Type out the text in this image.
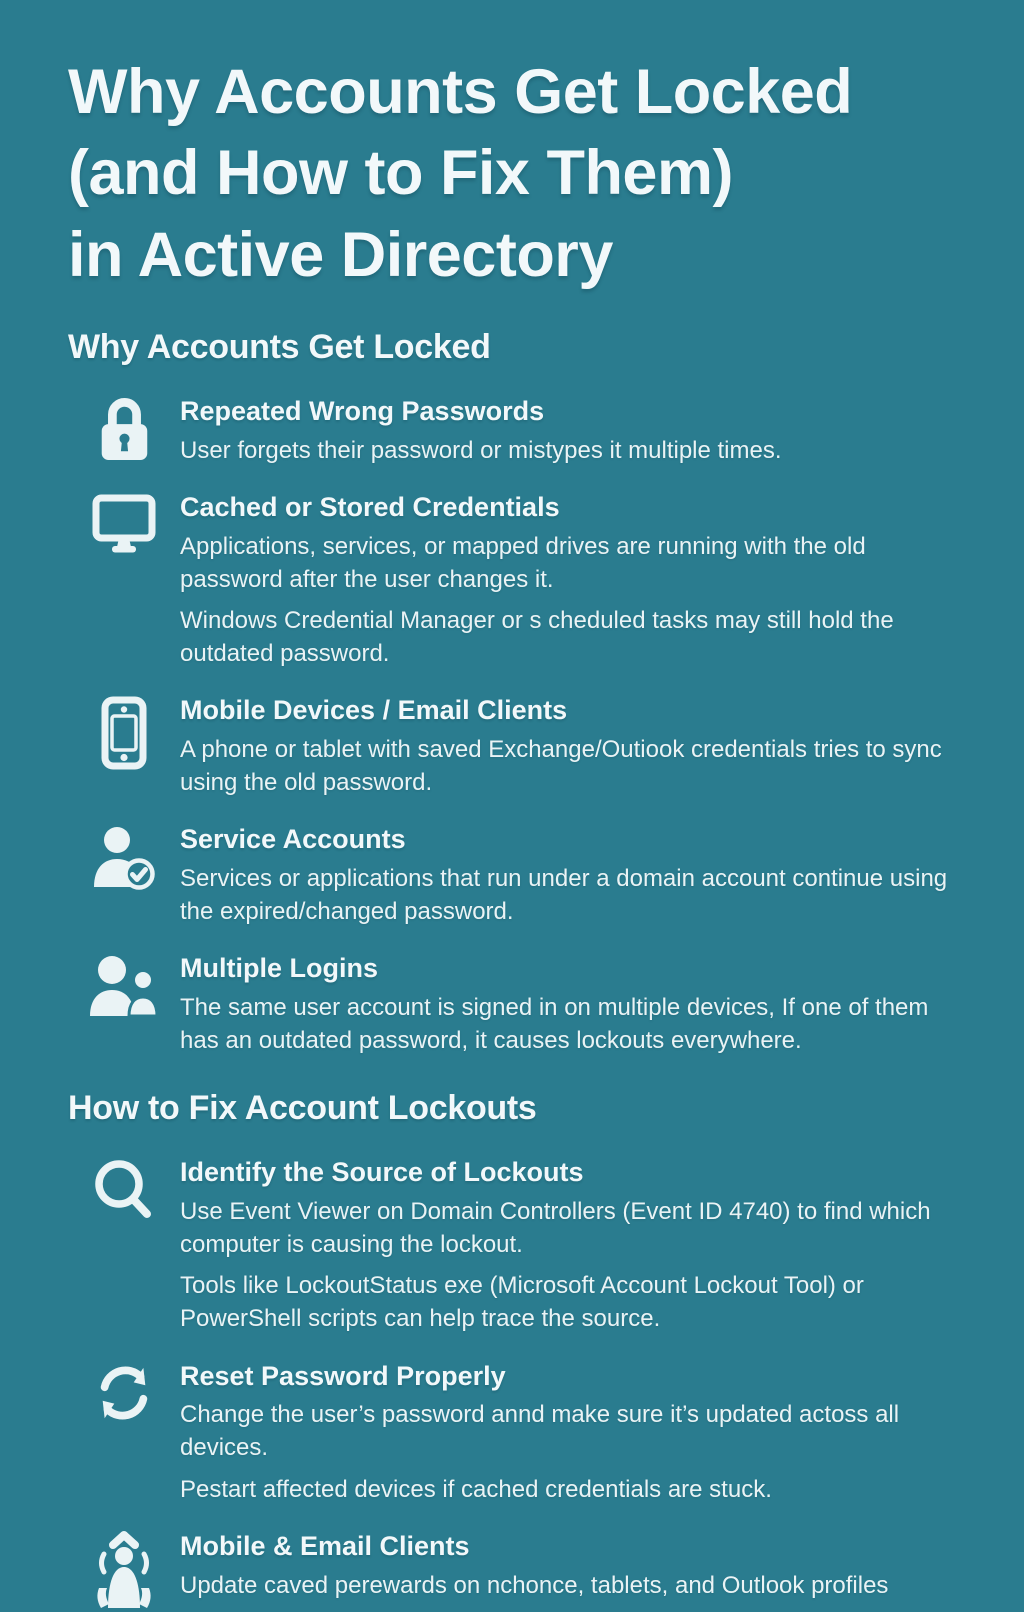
Why Accounts Get Locked
(and How to Fix Them)
in Active Directory
Why Accounts Get Locked
Repeated Wrong Passwords

User forgets their password or mistypes it multiple times.

Cached or Stored Credentials

Applications, services, or mapped drives are running with the old password after the user changes it.

Windows Credential Manager or s cheduled tasks may still hold the outdated password.

Mobile Devices / Email Clients

A phone or tablet with saved Exchange/Outiook credentials tries to sync using the old password.

Service Accounts

Services or applications that run under a domain account continue using the expired/changed password.

Multiple Logins

The same user account is signed in on multiple devices, If one of them has an outdated password, it causes lockouts everywhere.

How to Fix Account Lockouts
Identify the Source of Lockouts

Use Event Viewer on Domain Controllers (Event ID 4740) to find which computer is causing the lockout.

Tools like LockoutStatus exe (Microsoft Account Lockout Tool) or PowerShell scripts can help trace the source.

Reset Password Properly

Change the user’s password annd make sure it’s updated actoss all devices.

Pestart affected devices if cached credentials are stuck.

Mobile & Email Clients

Update caved perewards on nchonce, tablets, and Outlook profiles
